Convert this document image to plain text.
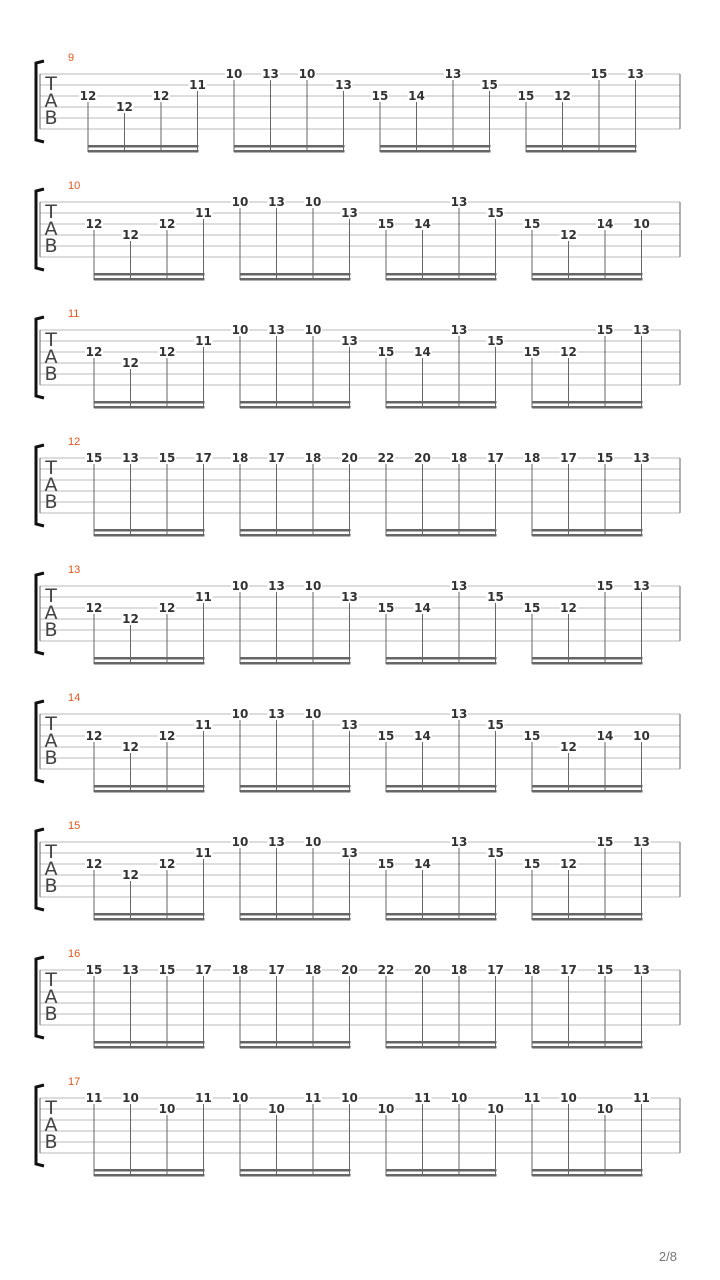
T
A
B
9
12
12
12
11
10 13 10
13
15 14
13
15
15 12
15 13
T
A
B
10
12
12
12
11
10 13 10
13
15 14
13
15
15
12
14 10
T
A
B
11
12
12
12
11
10 13 10
13
15 14
13
15
15 12
15 13
T
A
B
12
15 13 15 17 18 17 18 20 22 20 18 17 18 17 15 13
T
A
B
13
12
12
12
11
10 13 10
13
15 14
13
15
15 12
15 13
T
A
B
14
12
12
12
11
10 13 10
13
15 14
13
15
15
12
14 10
T
A
B
15
12
12
12
11
10 13 10
13
15 14
13
15
15 12
15 13
T
A
B
16
15 13 15 17 18 17 18 20 22 20 18 17 18 17 15 13
T
A
B
17
11 10
10
11 10
10
11 10
10
11 10
10
11 10
10
11
2/8
